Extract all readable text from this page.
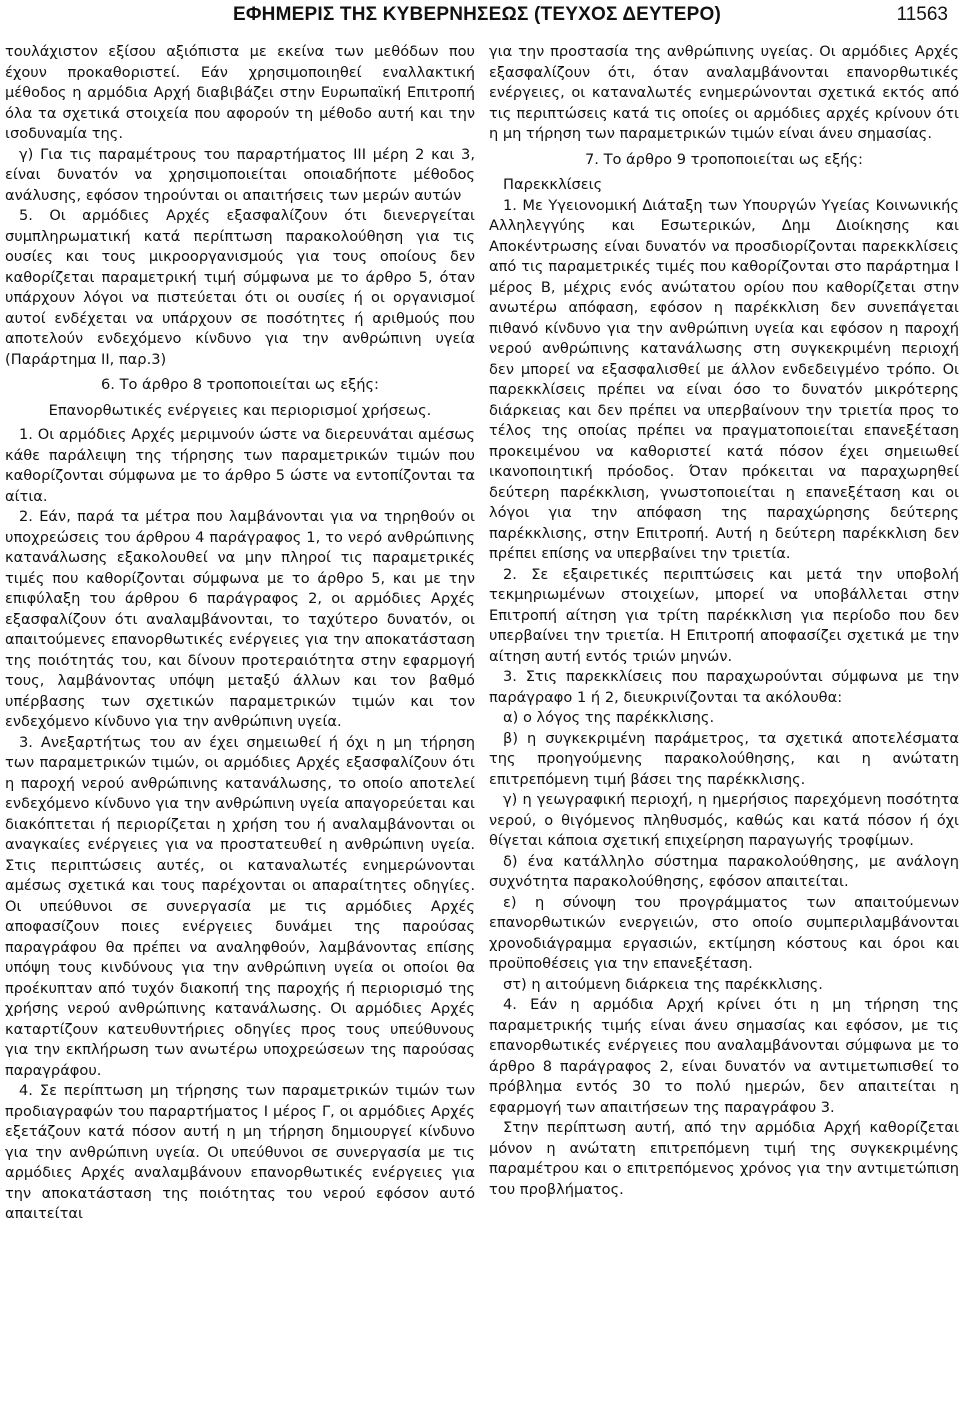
ΕΦΗΜΕΡΙΣ ΤΗΣ ΚΥΒΕΡΝΗΣΕΩΣ (ΤΕΥΧΟΣ ΔΕΥΤΕΡΟ)	11563

τουλάχιστον εξίσου αξιόπιστα με εκείνα των μεθόδων που έχουν προκαθοριστεί. Εάν χρησιμοποιηθεί εναλλακτική μέθοδος η αρμόδια Αρχή διαβιβάζει στην Ευρωπαϊκή Επιτροπή όλα τα σχετικά στοιχεία που αφορούν τη μέθοδο αυτή και την ισοδυναμία της.

γ) Για τις παραμέτρους του παραρτήματος ΙΙΙ μέρη 2 και 3, είναι δυνατόν να χρησιμοποιείται οποιαδήποτε μέθοδος ανάλυσης, εφόσον τηρούνται οι απαιτήσεις των μερών αυτών

5. Οι αρμόδιες Αρχές εξασφαλίζουν ότι διενεργείται συμπληρωματική κατά περίπτωση παρακολούθηση για τις ουσίες και τους μικροοργανισμούς για τους οποίους δεν καθορίζεται παραμετρική τιμή σύμφωνα με το άρθρο 5, όταν υπάρχουν λόγοι να πιστεύεται ότι οι ουσίες ή οι οργανισμοί αυτοί ενδέχεται να υπάρχουν σε ποσότητες ή αριθμούς που αποτελούν ενδεχόμενο κίνδυνο για την ανθρώπινη υγεία (Παράρτημα ΙΙ, παρ.3)

6. Το άρθρο 8 τροποποιείται ως εξής:

Επανορθωτικές ενέργειες και περιορισμοί χρήσεως.

1. Οι αρμόδιες Αρχές μεριμνούν ώστε να διερευνάται αμέσως κάθε παράλειψη της τήρησης των παραμετρικών τιμών που καθορίζονται σύμφωνα με το άρθρο 5 ώστε να εντοπίζονται τα αίτια.

2. Εάν, παρά τα μέτρα που λαμβάνονται για να τηρηθούν οι υποχρεώσεις του άρθρου 4 παράγραφος 1, το νερό ανθρώπινης κατανάλωσης εξακολουθεί να μην πληροί τις παραμετρικές τιμές που καθορίζονται σύμφωνα με το άρθρο 5, και με την επιφύλαξη του άρθρου 6 παράγραφος 2, οι αρμόδιες Αρχές εξασφαλίζουν ότι αναλαμβάνονται, το ταχύτερο δυνατόν, οι απαιτούμενες επανορθωτικές ενέργειες για την αποκατάσταση της ποιότητάς του, και δίνουν προτεραιότητα στην εφαρμογή τους, λαμβάνοντας υπόψη μεταξύ άλλων και τον βαθμό υπέρβασης των σχετικών παραμετρικών τιμών και τον ενδεχόμενο κίνδυνο για την ανθρώπινη υγεία.

3. Ανεξαρτήτως του αν έχει σημειωθεί ή όχι η μη τήρηση των παραμετρικών τιμών, οι αρμόδιες Αρχές εξασφαλίζουν ότι η παροχή νερού ανθρώπινης κατανάλωσης, το οποίο αποτελεί ενδεχόμενο κίνδυνο για την ανθρώπινη υγεία απαγορεύεται και διακόπτεται ή περιορίζεται η χρήση του ή αναλαμβάνονται οι αναγκαίες ενέργειες για να προστατευθεί η ανθρώπινη υγεία. Στις περιπτώσεις αυτές, οι καταναλωτές ενημερώνονται αμέσως σχετικά και τους παρέχονται οι απαραίτητες οδηγίες. Οι υπεύθυνοι σε συνεργασία με τις αρμόδιες Αρχές αποφασίζουν ποιες ενέργειες δυνάμει της παρούσας παραγράφου θα πρέπει να αναληφθούν, λαμβάνοντας επίσης υπόψη τους κινδύνους για την ανθρώπινη υγεία οι οποίοι θα προέκυπταν από τυχόν διακοπή της παροχής ή περιορισμό της χρήσης νερού ανθρώπινης κατανάλωσης. Οι αρμόδιες Αρχές καταρτίζουν κατευθυντήριες οδηγίες προς τους υπεύθυνους για την εκπλήρωση των ανωτέρω υποχρεώσεων της παρούσας παραγράφου.

4. Σε περίπτωση μη τήρησης των παραμετρικών τιμών των προδιαγραφών του παραρτήματος Ι μέρος Γ, οι αρμόδιες Αρχές εξετάζουν κατά πόσον αυτή η μη τήρηση δημιουργεί κίνδυνο για την ανθρώπινη υγεία. Οι υπεύθυνοι σε συνεργασία με τις αρμόδιες Αρχές αναλαμβάνουν επανορθωτικές ενέργειες για την αποκατάσταση της ποιότητας του νερού εφόσον αυτό απαιτείται

για την προστασία της ανθρώπινης υγείας. Οι αρμόδιες Αρχές εξασφαλίζουν ότι, όταν αναλαμβάνονται επανορθωτικές ενέργειες, οι καταναλωτές ενημερώνονται σχετικά εκτός από τις περιπτώσεις κατά τις οποίες οι αρμόδιες αρχές κρίνουν ότι η μη τήρηση των παραμετρικών τιμών είναι άνευ σημασίας.

7. Το άρθρο 9 τροποποιείται ως εξής:

Παρεκκλίσεις

1. Με Υγειονομική Διάταξη των Υπουργών Υγείας Κοινωνικής Αλληλεγγύης και Εσωτερικών, Δημ Διοίκησης και Αποκέντρωσης είναι δυνατόν να προσδιορίζονται παρεκκλίσεις από τις παραμετρικές τιμές που καθορίζονται στο παράρτημα Ι μέρος Β, μέχρις ενός ανώτατου ορίου που καθορίζεται στην ανωτέρω απόφαση, εφόσον η παρέκκλιση δεν συνεπάγεται πιθανό κίνδυνο για την ανθρώπινη υγεία και εφόσον η παροχή νερού ανθρώπινης κατανάλωσης στη συγκεκριμένη περιοχή δεν μπορεί να εξασφαλισθεί με άλλον ενδεδειγμένο τρόπο. Οι παρεκκλίσεις πρέπει να είναι όσο το δυνατόν μικρότερης διάρκειας και δεν πρέπει να υπερβαίνουν την τριετία προς το τέλος της οποίας πρέπει να πραγματοποιείται επανεξέταση προκειμένου να καθοριστεί κατά πόσον έχει σημειωθεί ικανοποιητική πρόοδος. Όταν πρόκειται να παραχωρηθεί δεύτερη παρέκκλιση, γνωστοποιείται η επανεξέταση και οι λόγοι για την απόφαση της παραχώρησης δεύτερης παρέκκλισης, στην Επιτροπή. Αυτή η δεύτερη παρέκκλιση δεν πρέπει επίσης να υπερβαίνει την τριετία.

2. Σε εξαιρετικές περιπτώσεις και μετά την υποβολή τεκμηριωμένων στοιχείων, μπορεί να υποβάλλεται στην Επιτροπή αίτηση για τρίτη παρέκκλιση για περίοδο που δεν υπερβαίνει την τριετία. Η Επιτροπή αποφασίζει σχετικά με την αίτηση αυτή εντός τριών μηνών.

3. Στις παρεκκλίσεις που παραχωρούνται σύμφωνα με την παράγραφο 1 ή 2, διευκρινίζονται τα ακόλουθα:

α) ο λόγος της παρέκκλισης.

β) η συγκεκριμένη παράμετρος, τα σχετικά αποτελέσματα της προηγούμενης παρακολούθησης, και η ανώτατη επιτρεπόμενη τιμή βάσει της παρέκκλισης.

γ) η γεωγραφική περιοχή, η ημερήσιος παρεχόμενη ποσότητα νερού, ο θιγόμενος πληθυσμός, καθώς και κατά πόσον ή όχι θίγεται κάποια σχετική επιχείρηση παραγωγής τροφίμων.

δ) ένα κατάλληλο σύστημα παρακολούθησης, με ανάλογη συχνότητα παρακολούθησης, εφόσον απαιτείται.

ε) η σύνοψη του προγράμματος των απαιτούμενων επανορθωτικών ενεργειών, στο οποίο συμπεριλαμβάνονται χρονοδιάγραμμα εργασιών, εκτίμηση κόστους και όροι και προϋποθέσεις για την επανεξέταση.

στ) η αιτούμενη διάρκεια της παρέκκλισης.

4. Εάν η αρμόδια Αρχή κρίνει ότι η μη τήρηση της παραμετρικής τιμής είναι άνευ σημασίας και εφόσον, με τις επανορθωτικές ενέργειες που αναλαμβάνονται σύμφωνα με το άρθρο 8 παράγραφος 2, είναι δυνατόν να αντιμετωπισθεί το πρόβλημα εντός 30 το πολύ ημερών, δεν απαιτείται η εφαρμογή των απαιτήσεων της παραγράφου 3.

Στην περίπτωση αυτή, από την αρμόδια Αρχή καθορίζεται μόνον η ανώτατη επιτρεπόμενη τιμή της συγκεκριμένης παραμέτρου και ο επιτρεπόμενος χρόνος για την αντιμετώπιση του προβλήματος.
